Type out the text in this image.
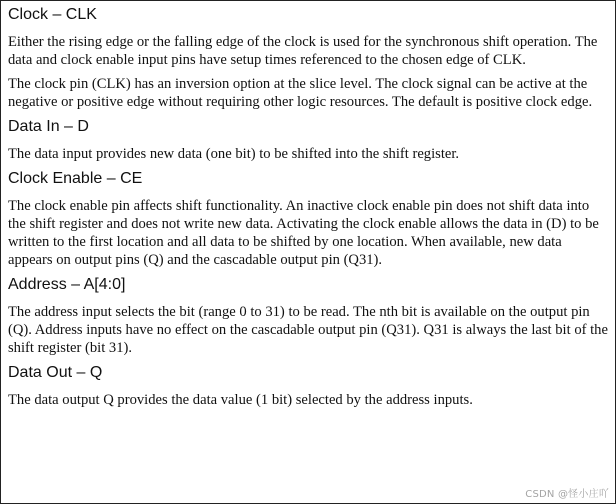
Clock – CLK

Either the rising edge or the falling edge of the clock is used for the synchronous shift operation. The data and clock enable input pins have setup times referenced to the chosen edge of CLK.

The clock pin (CLK) has an inversion option at the slice level. The clock signal can be active at the negative or positive edge without requiring other logic resources. The default is positive clock edge.

Data In – D

The data input provides new data (one bit) to be shifted into the shift register.

Clock Enable – CE

The clock enable pin affects shift functionality. An inactive clock enable pin does not shift data into the shift register and does not write new data. Activating the clock enable allows the data in (D) to be written to the first location and all data to be shifted by one location. When available, new data appears on output pins (Q) and the cascadable output pin (Q31).

Address – A[4:0]

The address input selects the bit (range 0 to 31) to be read. The nth bit is available on the output pin (Q). Address inputs have no effect on the cascadable output pin (Q31). Q31 is always the last bit of the shift register (bit 31).

Data Out – Q

The data output Q provides the data value (1 bit) selected by the address inputs.

CSDN @怪小庄吖
